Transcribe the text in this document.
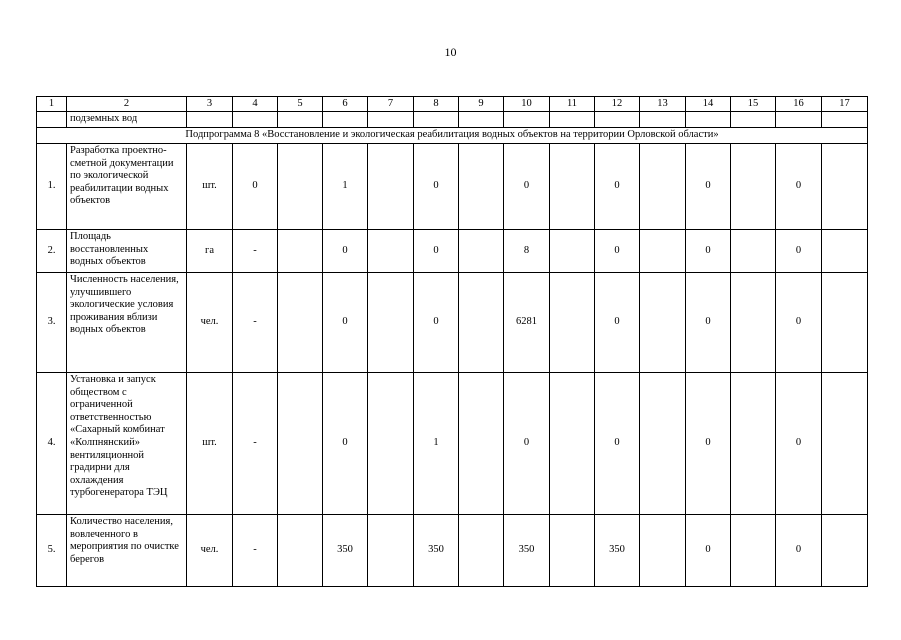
10
1	2	3	4	5	6	7	8	9	10	11	12	13	14	15	16	17
	подземных вод															
Подпрограмма 8 «Восстановление и экологическая реабилитация водных объектов на территории Орловской области»																
1.	Разработка проектно-сметной документации по экологической реабилитации водных объектов	шт.	0		1		0		0		0		0		0	
2.	Площадь восстановленных водных объектов	га	-		0		0		8		0		0		0	
3.	Численность населения, улучшившего экологические условия проживания вблизи водных объектов	чел.	-		0		0		6281		0		0		0	
4.	Установка и запуск обществом с ограниченной ответственностью «Сахарный комбинат «Колпнянский» вентиляционной градирни для охлаждения турбогенератора ТЭЦ	шт.	-		0		1		0		0		0		0	
5.	Количество населения, вовлеченного в мероприятия по очистке берегов	чел.	-		350		350		350		350		0		0	
